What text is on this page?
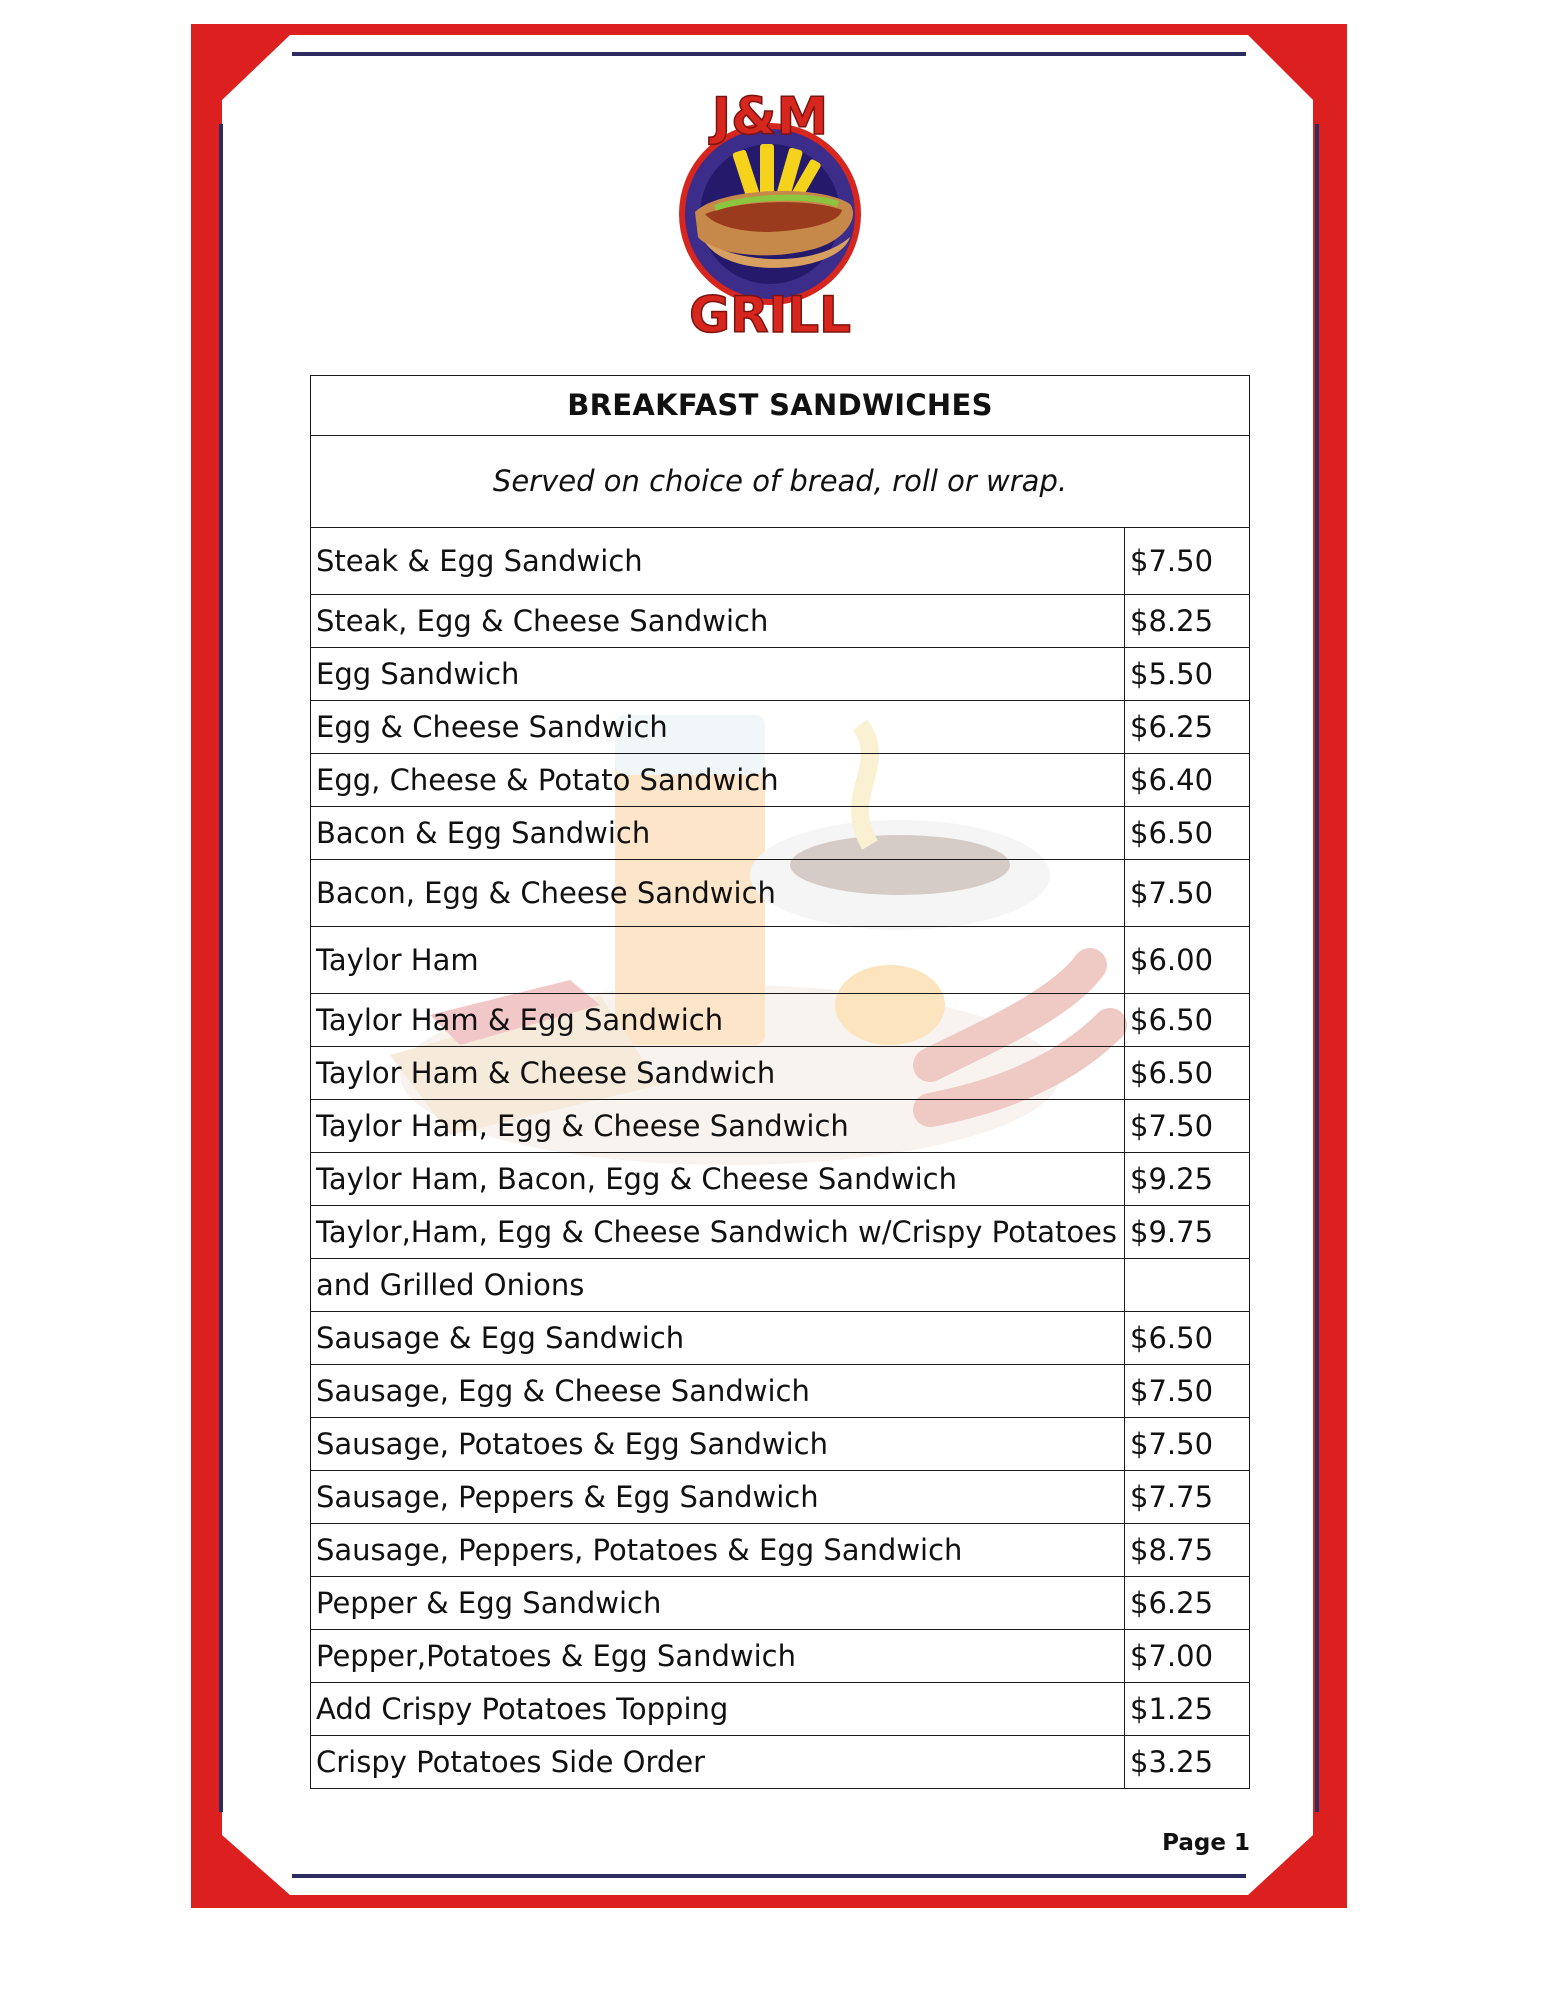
J&M
GRILL
BREAKFAST SANDWICHES	
Served on choice of bread, roll or wrap.	
Steak & Egg Sandwich	$7.50
Steak, Egg & Cheese Sandwich	$8.25
Egg Sandwich	$5.50
Egg & Cheese Sandwich	$6.25
Egg, Cheese & Potato Sandwich	$6.40
Bacon & Egg Sandwich	$6.50
Bacon, Egg & Cheese Sandwich	$7.50
Taylor Ham	$6.00
Taylor Ham & Egg Sandwich	$6.50
Taylor Ham & Cheese Sandwich	$6.50
Taylor Ham, Egg & Cheese Sandwich	$7.50
Taylor Ham, Bacon, Egg & Cheese Sandwich	$9.25
Taylor,Ham, Egg & Cheese Sandwich w/Crispy Potatoes	$9.75
and Grilled Onions	
Sausage & Egg Sandwich	$6.50
Sausage, Egg & Cheese Sandwich	$7.50
Sausage, Potatoes & Egg Sandwich	$7.50
Sausage, Peppers & Egg Sandwich	$7.75
Sausage, Peppers, Potatoes & Egg Sandwich	$8.75
Pepper & Egg Sandwich	$6.25
Pepper,Potatoes & Egg Sandwich	$7.00
Add Crispy Potatoes Topping	$1.25
Crispy Potatoes Side Order	$3.25
Page 1
